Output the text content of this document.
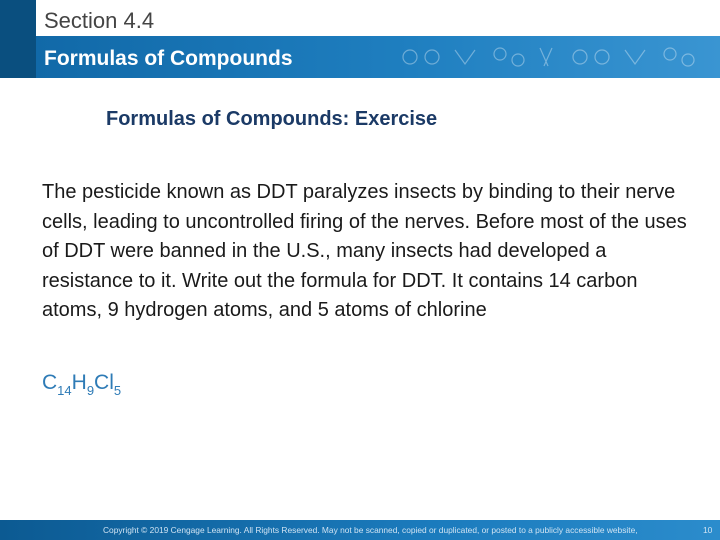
Section 4.4
Formulas of Compounds
Formulas of Compounds: Exercise
The pesticide known as DDT paralyzes insects by binding to their nerve cells, leading to uncontrolled firing of the nerves. Before most of the uses of DDT were banned in the U.S., many insects had developed a resistance to it. Write out the formula for DDT. It contains 14 carbon atoms, 9 hydrogen atoms, and 5 atoms of chlorine
$C_{14}H_9Cl_5$
Copyright © 2019 Cengage Learning. All Rights Reserved. May not be scanned, copied or duplicated, or posted to a publicly accessible website,	10
